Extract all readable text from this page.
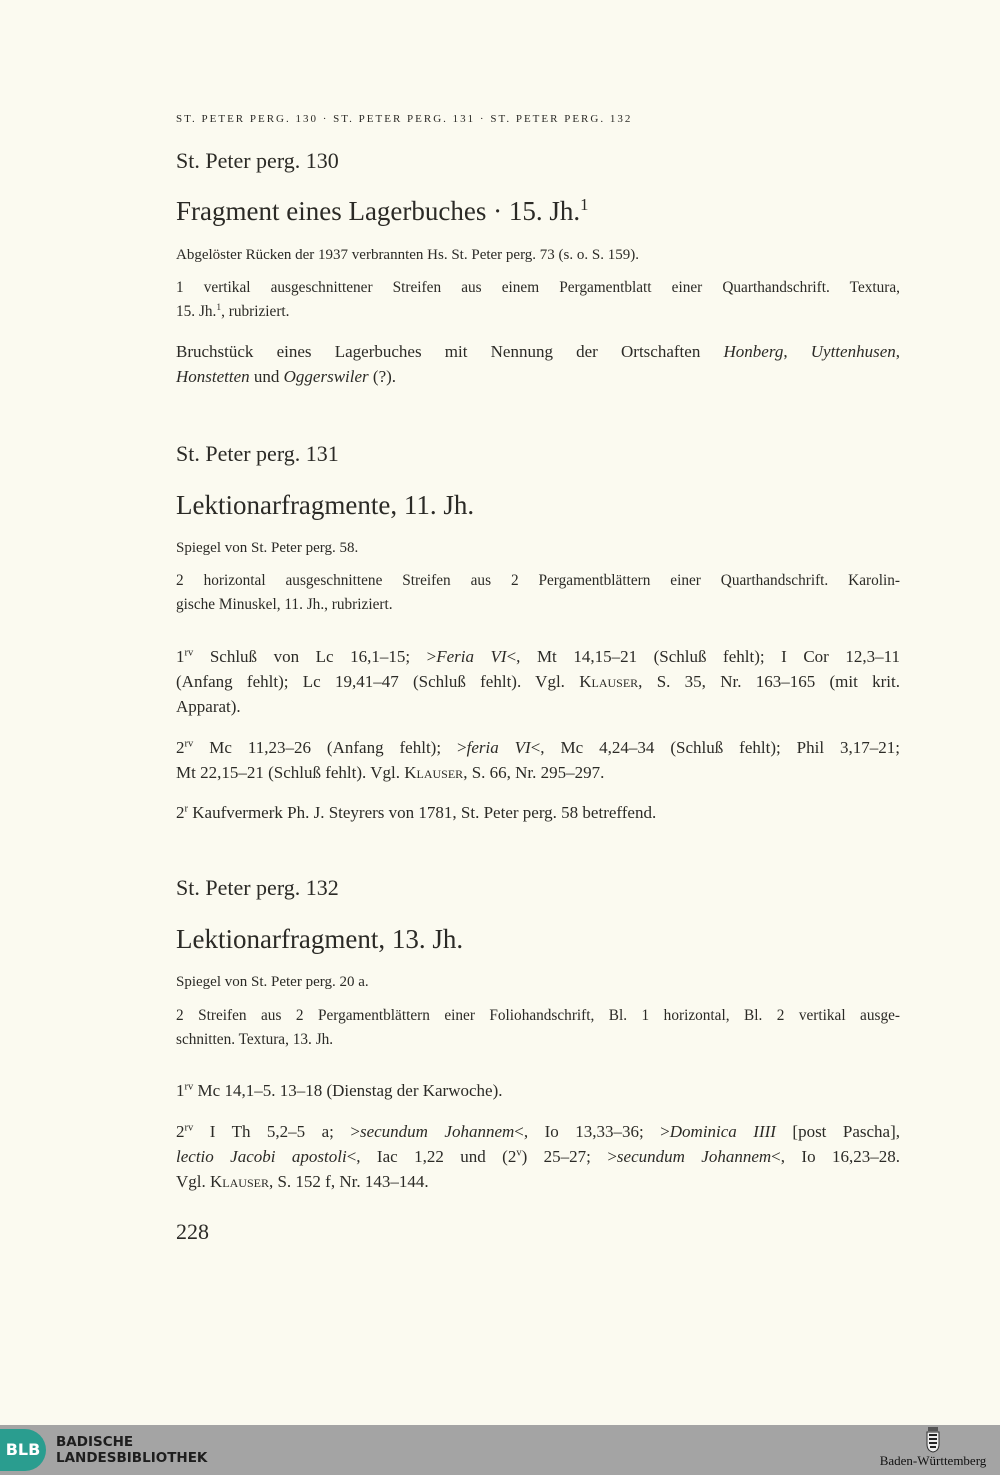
ST. PETER PERG. 130 · ST. PETER PERG. 131 · ST. PETER PERG. 132
St. Peter perg. 130
Fragment eines Lagerbuches · 15. Jh.$^1$
Abgelöster Rücken der 1937 verbrannten Hs. St. Peter perg. 73 (s. o. S. 159).
1 vertikal ausgeschnittener Streifen aus einem Pergamentblatt einer Quarthandschrift. Textura,
15. Jh.$^1$, rubriziert.
Bruchstück eines Lagerbuches mit Nennung der Ortschaften Honberg, Uyttenhusen,
Honstetten und Oggerswiler (?).
St. Peter perg. 131
Lektionarfragmente, 11. Jh.
Spiegel von St. Peter perg. 58.
2 horizontal ausgeschnittene Streifen aus 2 Pergamentblättern einer Quarthandschrift. Karolin-
gische Minuskel, 11. Jh., rubriziert.
$1^{rv}$ Schluß von Lc 16,1–15; >Feria VI<, Mt 14,15–21 (Schluß fehlt); I Cor 12,3–11
(Anfang fehlt); Lc 19,41–47 (Schluß fehlt). Vgl. Klauser, S. 35, Nr. 163–165 (mit krit.
Apparat).
$2^{rv}$ Mc 11,23–26 (Anfang fehlt); >feria VI<, Mc 4,24–34 (Schluß fehlt); Phil 3,17–21;
Mt 22,15–21 (Schluß fehlt). Vgl. Klauser, S. 66, Nr. 295–297.
2$^r$ Kaufvermerk Ph. J. Steyrers von 1781, St. Peter perg. 58 betreffend.
St. Peter perg. 132
Lektionarfragment, 13. Jh.
Spiegel von St. Peter perg. 20 a.
2 Streifen aus 2 Pergamentblättern einer Foliohandschrift, Bl. 1 horizontal, Bl. 2 vertikal ausge-
schnitten. Textura, 13. Jh.
$1^{rv}$ Mc 14,1–5. 13–18 (Dienstag der Karwoche).
$2^{rv}$ I Th 5,2–5 a; >secundum Johannem<, Io 13,33–36; >Dominica IIII [post Pascha],
lectio Jacobi apostoli<, Iac 1,22 und (2$^v$) 25–27; >secundum Johannem<, Io 16,23–28.
Vgl. Klauser, S. 152 f, Nr. 143–144.
228
BLB	BADISCHE
LANDESBIBLIOTHEK	Baden-Württemberg
